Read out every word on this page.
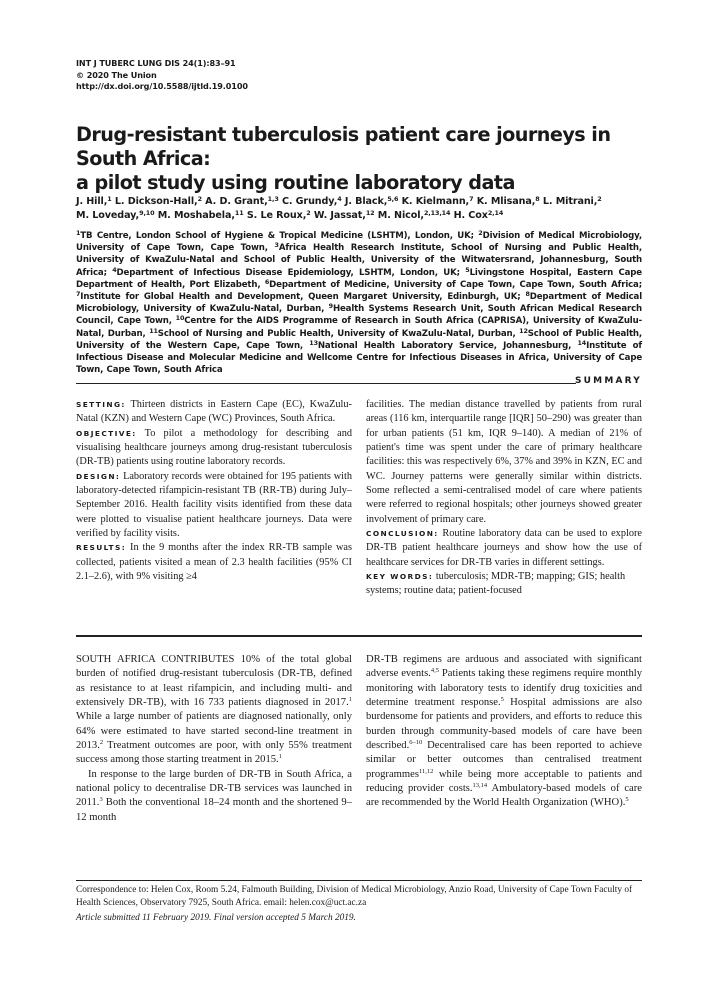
INT J TUBERC LUNG DIS 24(1):83–91
© 2020 The Union
http://dx.doi.org/10.5588/ijtld.19.0100
Drug-resistant tuberculosis patient care journeys in South Africa:
a pilot study using routine laboratory data
J. Hill,$^1$ L. Dickson-Hall,$^2$ A. D. Grant,$^{1,3}$ C. Grundy,$^4$ J. Black,$^{5,6}$ K. Kielmann,$^7$ K. Mlisana,$^8$ L. Mitrani,$^2$
M. Loveday,$^{9,10}$ M. Moshabela,$^{11}$ S. Le Roux,$^2$ W. Jassat,$^{12}$ M. Nicol,$^{2,13,14}$ H. Cox$^{2,14}$
$^1$TB Centre, London School of Hygiene & Tropical Medicine (LSHTM), London, UK; $^2$Division of Medical Microbiology, University of Cape Town, Cape Town, $^3$Africa Health Research Institute, School of Nursing and Public Health, University of KwaZulu-Natal and School of Public Health, University of the Witwatersrand, Johannesburg, South Africa; $^4$Department of Infectious Disease Epidemiology, LSHTM, London, UK; $^5$Livingstone Hospital, Eastern Cape Department of Health, Port Elizabeth, $^6$Department of Medicine, University of Cape Town, Cape Town, South Africa; $^7$Institute for Global Health and Development, Queen Margaret University, Edinburgh, UK; $^8$Department of Medical Microbiology, University of KwaZulu-Natal, Durban, $^9$Health Systems Research Unit, South African Medical Research Council, Cape Town, $^{10}$Centre for the AIDS Programme of Research in South Africa (CAPRISA), University of KwaZulu-Natal, Durban, $^{11}$School of Nursing and Public Health, University of KwaZulu-Natal, Durban, $^{12}$School of Public Health, University of the Western Cape, Cape Town, $^{13}$National Health Laboratory Service, Johannesburg, $^{14}$Institute of Infectious Disease and Molecular Medicine and Wellcome Centre for Infectious Diseases in Africa, University of Cape Town, Cape Town, South Africa
SUMMARY

SETTING: Thirteen districts in Eastern Cape (EC), KwaZulu-Natal (KZN) and Western Cape (WC) Provinces, South Africa.

OBJECTIVE: To pilot a methodology for describing and visualising healthcare journeys among drug-resistant tuberculosis (DR-TB) patients using routine laboratory records.

DESIGN: Laboratory records were obtained for 195 patients with laboratory-detected rifampicin-resistant TB (RR-TB) during July–September 2016. Health facility visits identified from these data were plotted to visualise patient healthcare journeys. Data were verified by facility visits.

RESULTS: In the 9 months after the index RR-TB sample was collected, patients visited a mean of 2.3 health facilities (95% CI 2.1–2.6), with 9% visiting ≥4

facilities. The median distance travelled by patients from rural areas (116 km, interquartile range [IQR] 50–290) was greater than for urban patients (51 km, IQR 9–140). A median of 21% of patient's time was spent under the care of primary healthcare facilities: this was respectively 6%, 37% and 39% in KZN, EC and WC. Journey patterns were generally similar within districts. Some reflected a semi-centralised model of care where patients were referred to regional hospitals; other journeys showed greater involvement of primary care.

CONCLUSION: Routine laboratory data can be used to explore DR-TB patient healthcare journeys and show how the use of healthcare services for DR-TB varies in different settings.

KEY WORDS: tuberculosis; MDR-TB; mapping; GIS; health systems; routine data; patient-focused

SOUTH AFRICA CONTRIBUTES 10% of the total global burden of notified drug-resistant tuberculosis (DR-TB, defined as resistance to at least rifampicin, and including multi- and extensively DR-TB), with 16 733 patients diagnosed in 2017.$^1$ While a large number of patients are diagnosed nationally, only 64% were estimated to have started second-line treatment in 2013.$^2$ Treatment outcomes are poor, with only 55% treatment success among those starting treatment in 2015.$^1$

In response to the large burden of DR-TB in South Africa, a national policy to decentralise DR-TB services was launched in 2011.$^3$ Both the conventional 18–24 month and the shortened 9–12 month

DR-TB regimens are arduous and associated with significant adverse events.$^{4,5}$ Patients taking these regimens require monthly monitoring with laboratory tests to identify drug toxicities and determine treatment response.$^5$ Hospital admissions are also burdensome for patients and providers, and efforts to reduce this burden through community-based models of care have been described.$^{6-10}$ Decentralised care has been reported to achieve similar or better outcomes than centralised treatment programmes$^{11,12}$ while being more acceptable to patients and reducing provider costs.$^{13,14}$ Ambulatory-based models of care are recommended by the World Health Organization (WHO).$^5$

Correspondence to: Helen Cox, Room 5.24, Falmouth Building, Division of Medical Microbiology, Anzio Road, University of Cape Town Faculty of Health Sciences, Observatory 7925, South Africa. email: helen.cox@uct.ac.za
Article submitted 11 February 2019. Final version accepted 5 March 2019.
